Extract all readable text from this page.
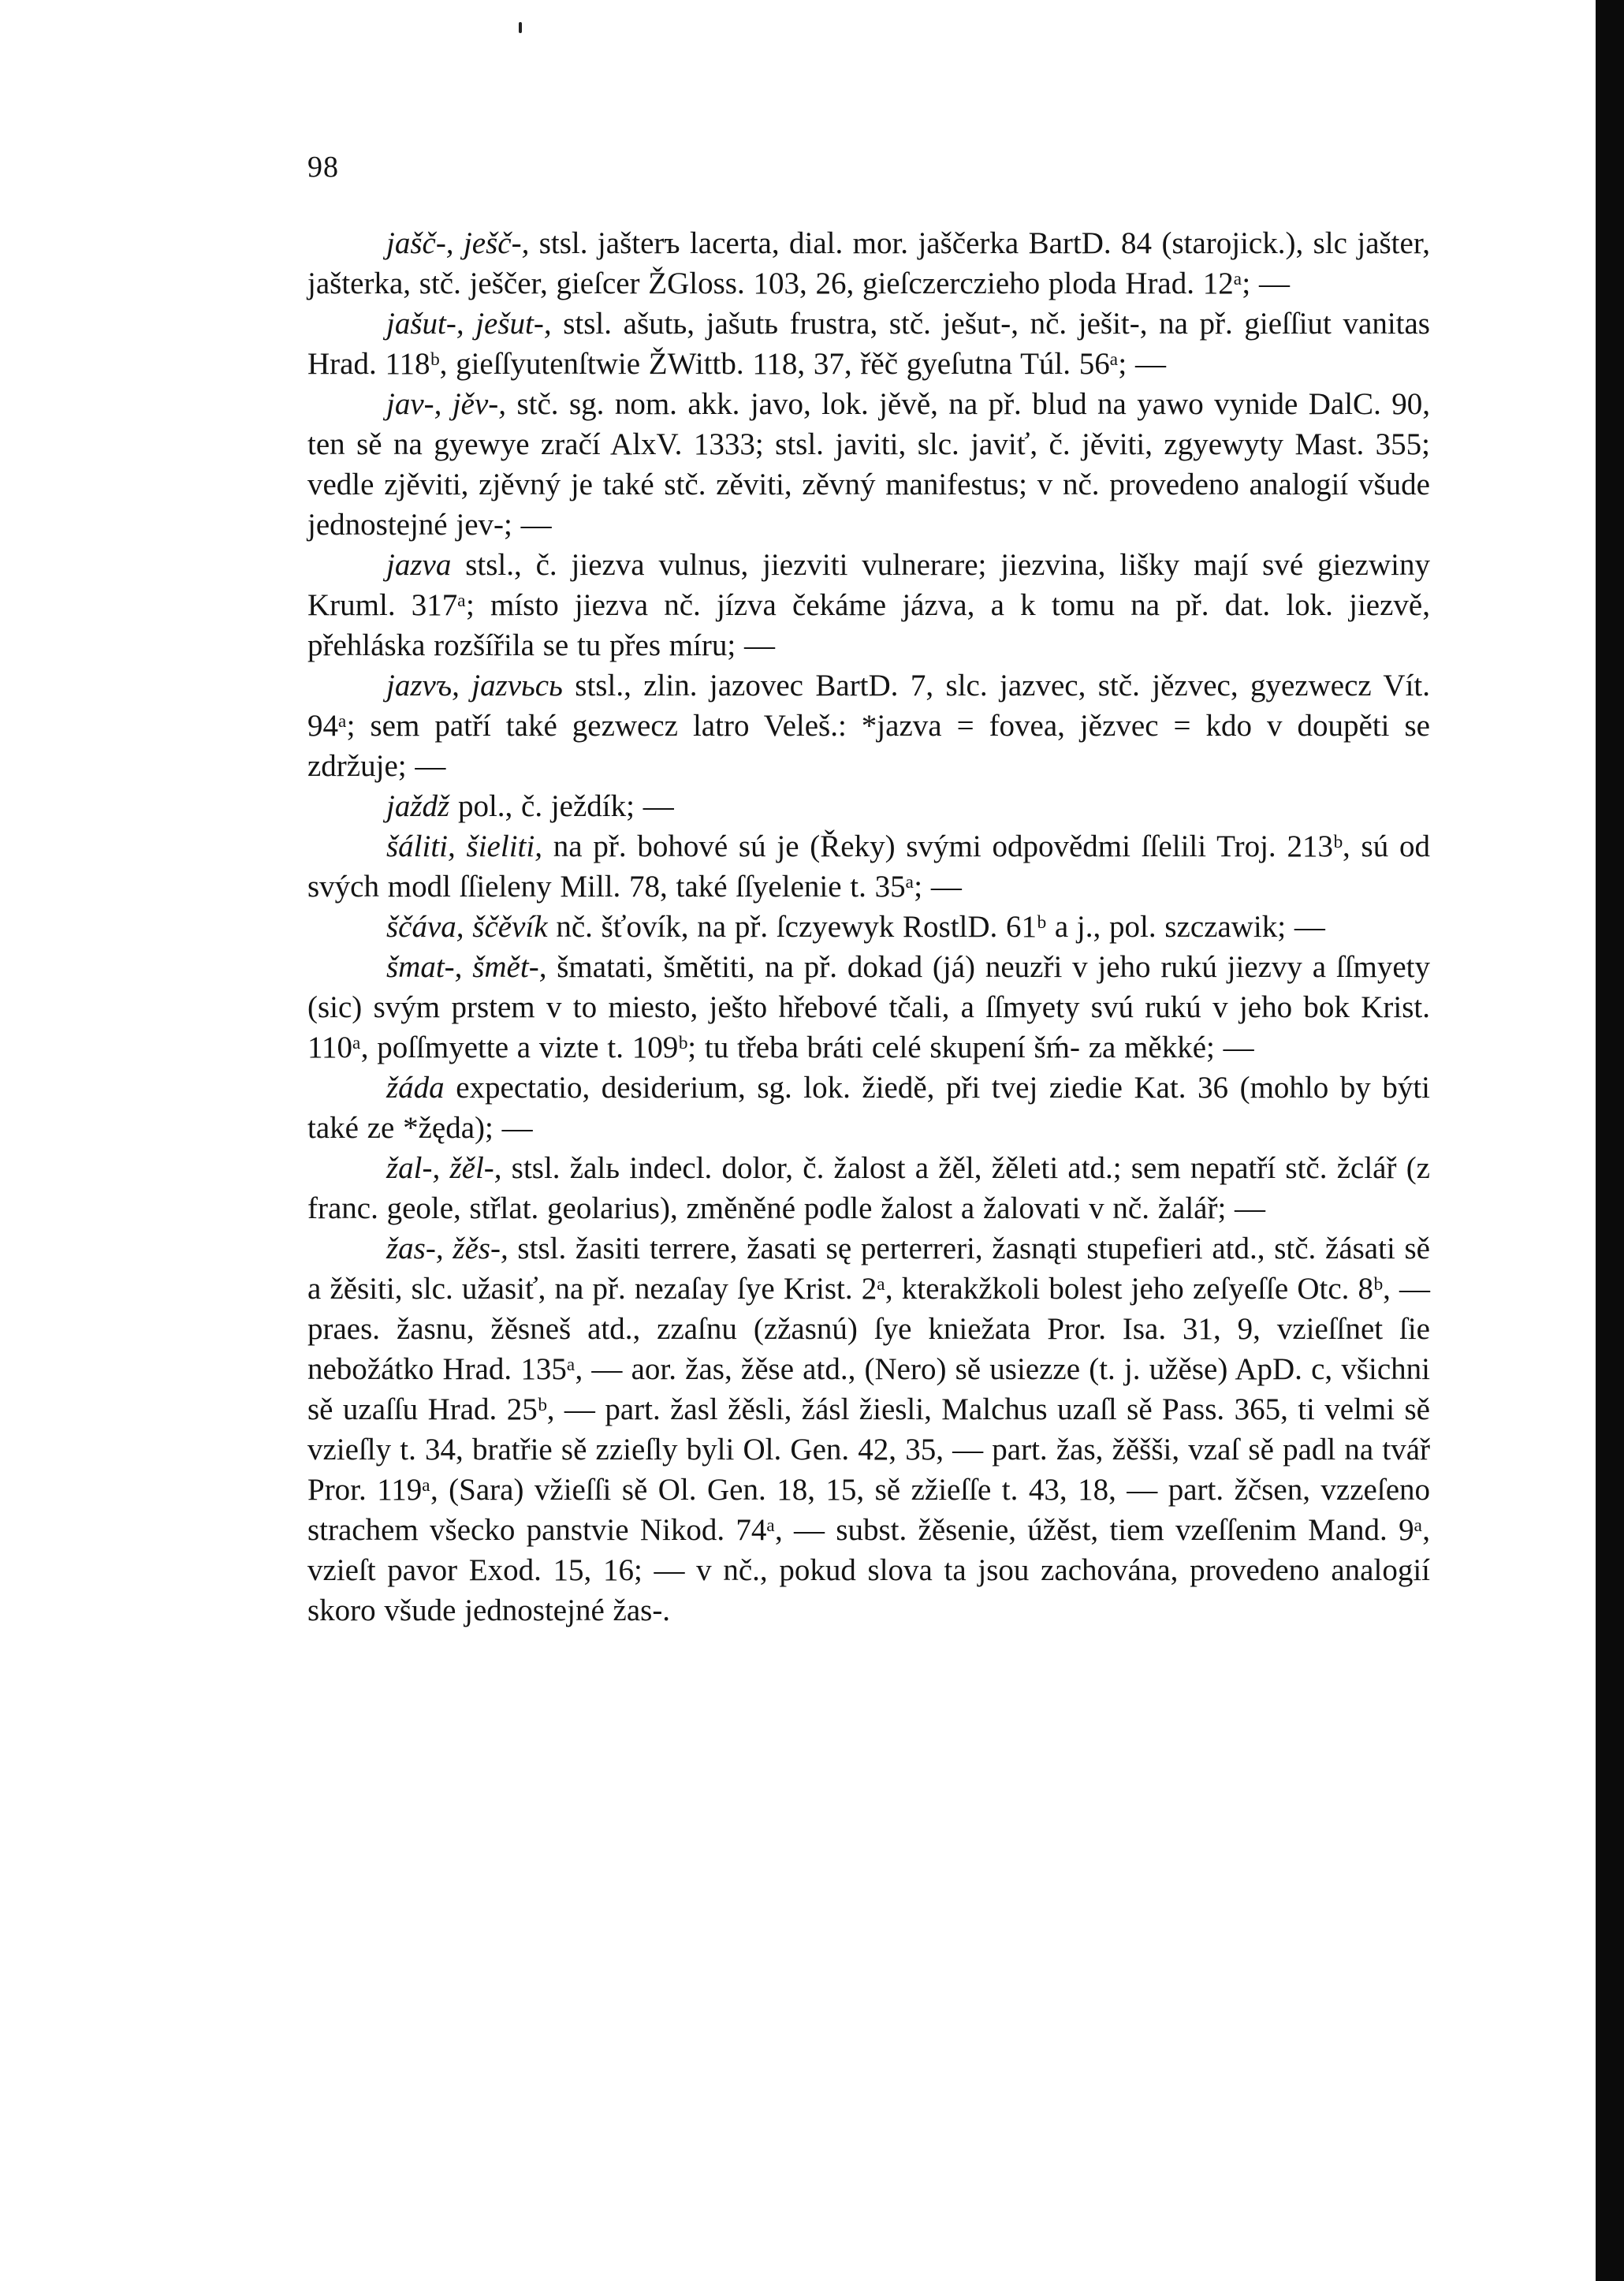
98

jašč-, ješč-, stsl. jašterъ lacerta, dial. mor. jaščerka BartD. 84 (starojick.), slc jašter, jašterka, stč. ješčer, gieſcer ŽGloss. 103, 26, gieſczerczieho ploda Hrad. 12ᵃ; —

jašut-, ješut-, stsl. ašutь, jašutь frustra, stč. ješut-, nč. ješit-, na př. gieſſiut vanitas Hrad. 118ᵇ, gieſſyutenſtwie ŽWittb. 118, 37, řěč gyeſutna Túl. 56ᵃ; —

jav-, jěv-, stč. sg. nom. akk. javo, lok. jěvě, na př. blud na yawo vynide DalC. 90, ten sě na gyewye zračí AlxV. 1333; stsl. javiti, slc. javiť, č. jěviti, zgyewyty Mast. 355; vedle zjěviti, zjěvný je také stč. zěviti, zěvný manifestus; v nč. provedeno analogií všude jednostejné jev-; —

jazva stsl., č. jiezva vulnus, jiezviti vulnerare; jiezvina, lišky mají své giezwiny Kruml. 317ᵃ; místo jiezva nč. jízva čekáme jázva, a k tomu na př. dat. lok. jiezvě, přehláska rozšířila se tu přes míru; —

jazvъ, jazvьcь stsl., zlin. jazovec BartD. 7, slc. jazvec, stč. jězvec, gyezwecz Vít. 94ᵃ; sem patří také gezwecz latro Veleš.: *jazva = fovea, jězvec = kdo v doupěti se zdržuje; —

jaždž pol., č. ježdík; —

šáliti, šieliti, na př. bohové sú je (Řeky) svými odpovědmi ſſelili Troj. 213ᵇ, sú od svých modl ſſieleny Mill. 78, také ſſyelenie t. 35ᵃ; —

ščáva, ščěvík nč. šťovík, na př. ſczyewyk RostlD. 61ᵇ a j., pol. szczawik; —

šmat-, šmět-, šmatati, šmětiti, na př. dokad (já) neuzři v jeho rukú jiezvy a ſſmyety (sic) svým prstem v to miesto, ješto hřebové tčali, a ſſmyety svú rukú v jeho bok Krist. 110ᵃ, poſſmyette a vizte t. 109ᵇ; tu třeba bráti celé skupení šḿ- za měkké; —

žáda expectatio, desiderium, sg. lok. žiedě, při tvej ziedie Kat. 36 (mohlo by býti také ze *žęda); —

žal-, žěl-, stsl. žalь indecl. dolor, č. žalost a žěl, žěleti atd.; sem nepatří stč. žclář (z franc. geole, střlat. geolarius), změněné podle žalost a žalovati v nč. žalář; —

žas-, žěs-, stsl. žasiti terrere, žasati sę perterreri, žasnąti stupefieri atd., stč. žásati sě a žěsiti, slc. užasiť, na př. nezaſay ſye Krist. 2ᵃ, kterakžkoli bolest jeho zeſyeſſe Otc. 8ᵇ, — praes. žasnu, žěsneš atd., zzaſnu (zžasnú) ſye kniežata Pror. Isa. 31, 9, vzieſſnet ſie nebožátko Hrad. 135ᵃ, — aor. žas, žěse atd., (Nero) sě usiezze (t. j. užěse) ApD. c, všichni sě uzaſſu Hrad. 25ᵇ, — part. žasl žěsli, žásl žiesli, Malchus uzaſl sě Pass. 365, ti velmi sě vzieſly t. 34, bratřie sě zzieſly byli Ol. Gen. 42, 35, — part. žas, žěšši, vzaſ sě padl na tvář Pror. 119ᵃ, (Sara) vžieſſi sě Ol. Gen. 18, 15, sě zžieſſe t. 43, 18, — part. žčsen, vzzeſeno strachem všecko panstvie Nikod. 74ᵃ, — subst. žěsenie, úžěst, tiem vzeſſenim Mand. 9ᵃ, vzieſt pavor Exod. 15, 16; — v nč., pokud slova ta jsou zachována, provedeno analogií skoro všude jednostejné žas-.
